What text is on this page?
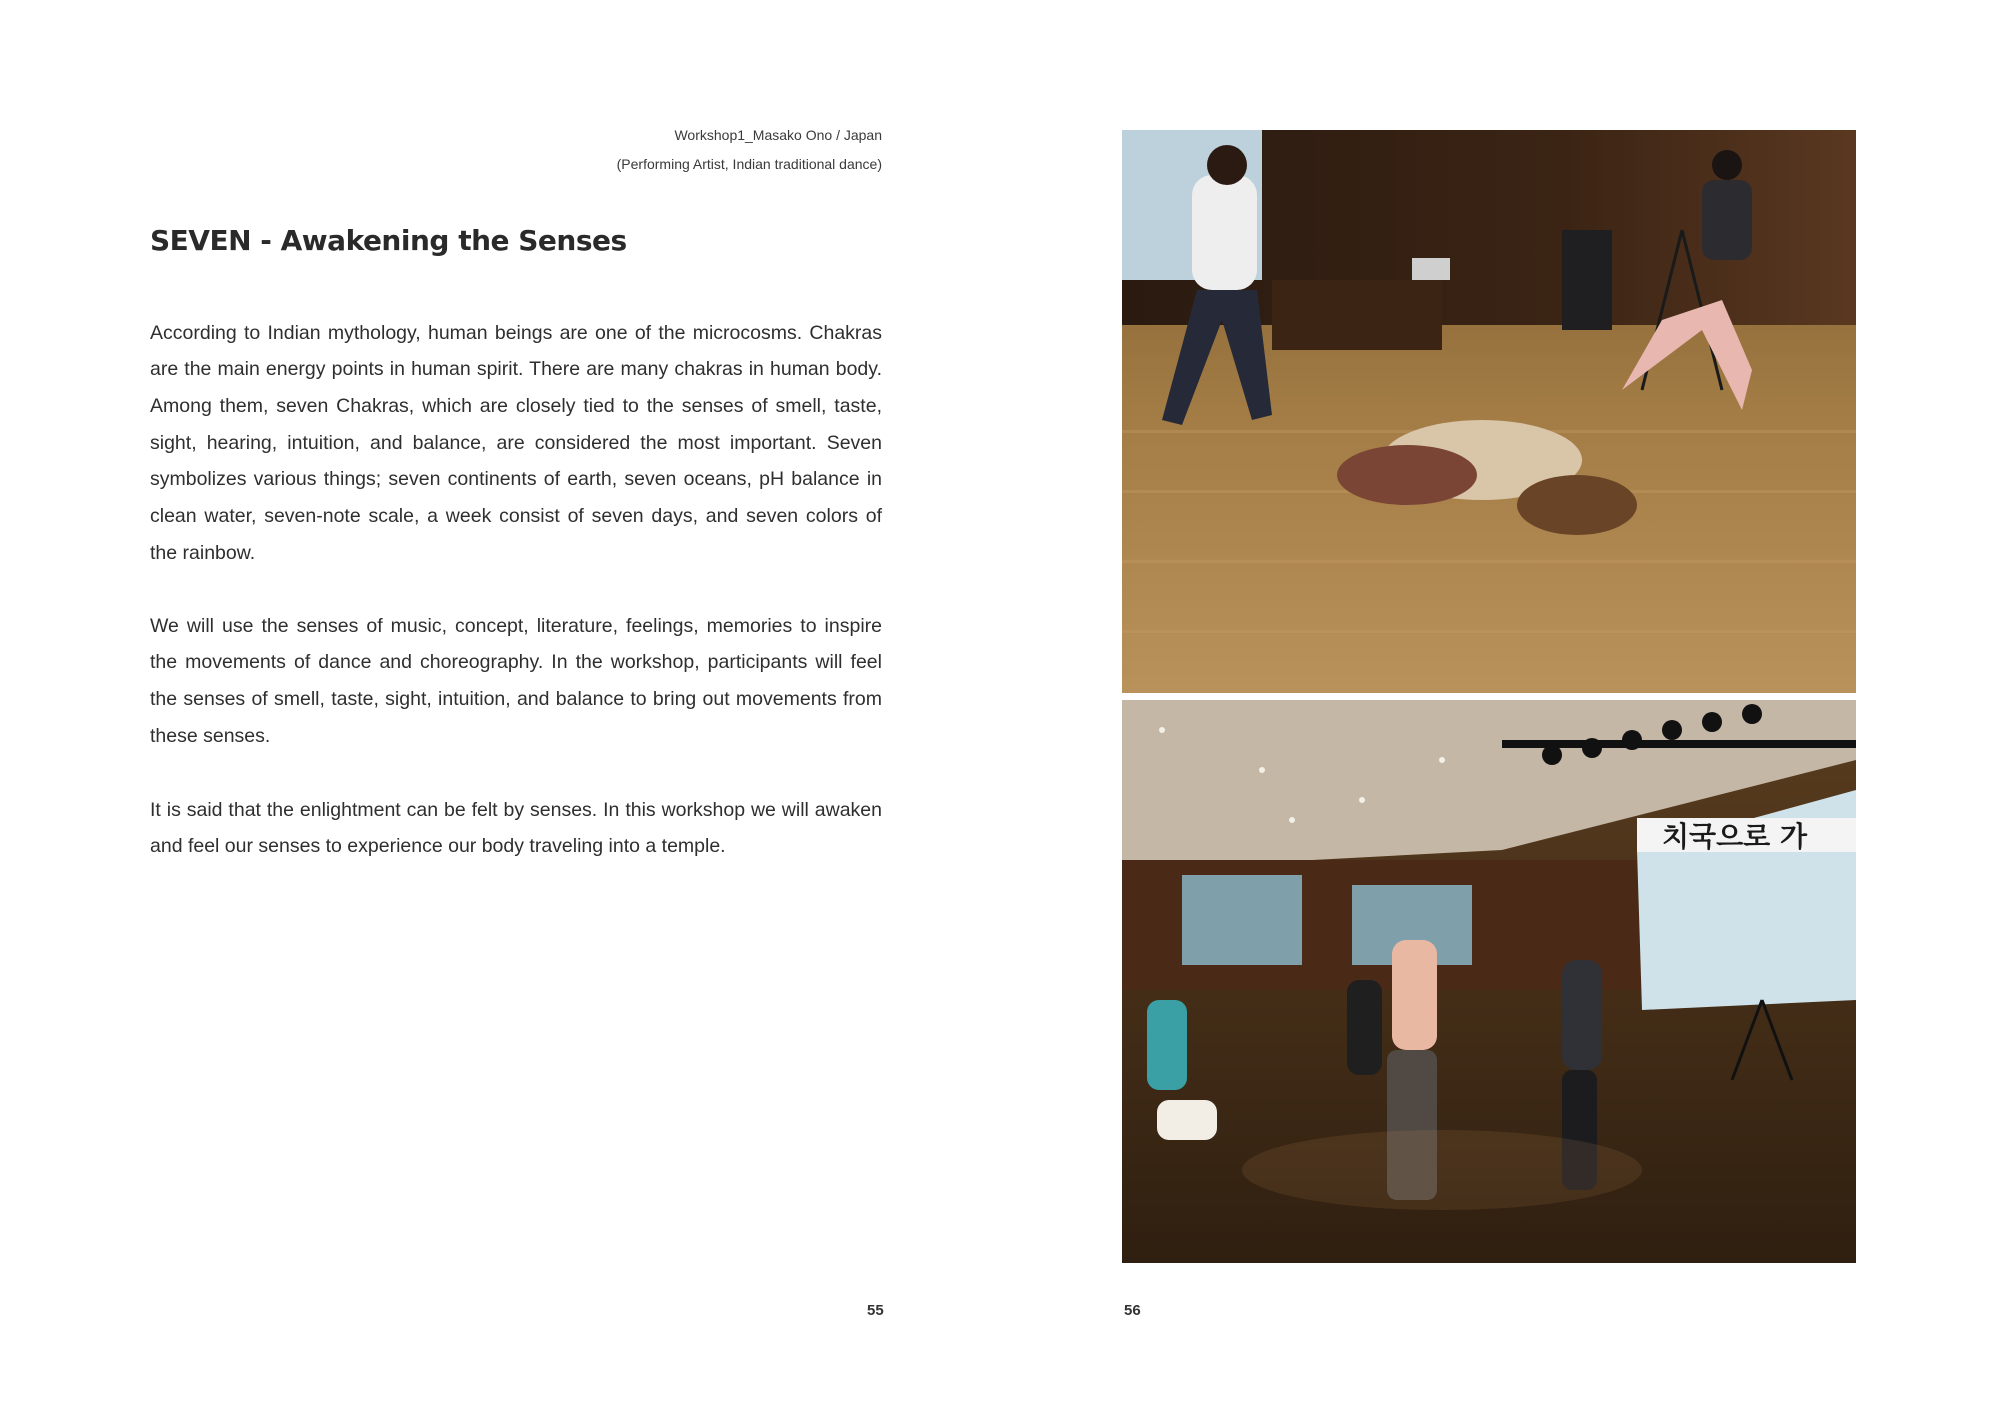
Workshop1_Masako Ono / Japan
(Performing Artist, Indian traditional dance)
SEVEN - Awakening the Senses

According to Indian mythology, human beings are one of the microcosms. Chakras are the main energy points in human spirit. There are many chakras in human body. Among them, seven Chakras, which are closely tied to the senses of smell, taste, sight, hearing, intuition, and balance, are considered the most important. Seven symbolizes various things; seven continents of earth, seven oceans, pH balance in clean water, seven-note scale, a week consist of seven days, and seven colors of the rainbow.

We will use the senses of music, concept, literature, feelings, memories to inspire the movements of dance and choreography. In the workshop, participants will feel the senses of smell, taste, sight, intuition, and balance to bring out movements from these senses.

It is said that the enlightment can be felt by senses. In this workshop we will awaken and feel our senses to experience our body traveling into a temple.

55
치국으로 가
56
